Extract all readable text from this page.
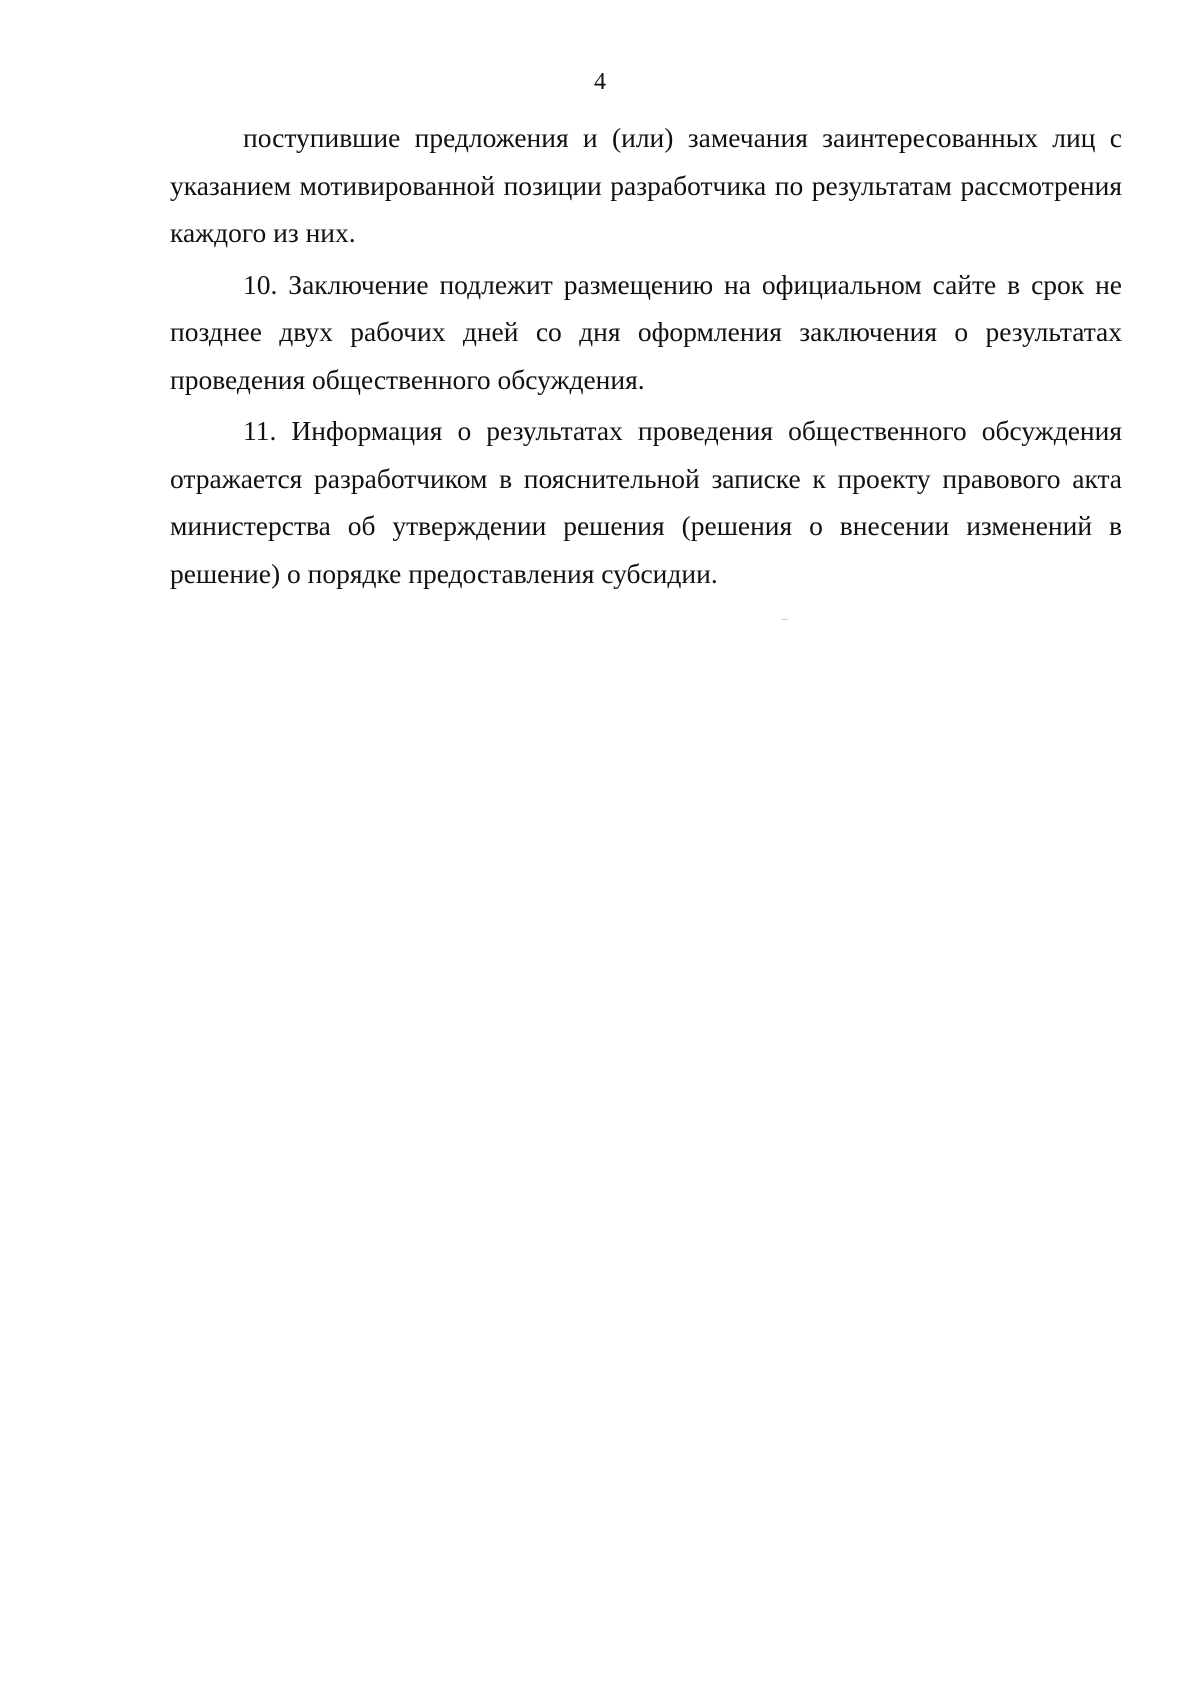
4

поступившие предложения и (или) замечания заинтересованных лиц с указанием мотивированной позиции разработчика по результатам рассмотрения каждого из них.

10. Заключение подлежит размещению на официальном сайте в срок не позднее двух рабочих дней со дня оформления заключения о результатах проведения общественного обсуждения.

11. Информация о результатах проведения общественного обсуждения отражается разработчиком в пояснительной записке к проекту правового акта министерства об утверждении решения (решения о внесении изменений в решение) о порядке предоставления субсидии.
